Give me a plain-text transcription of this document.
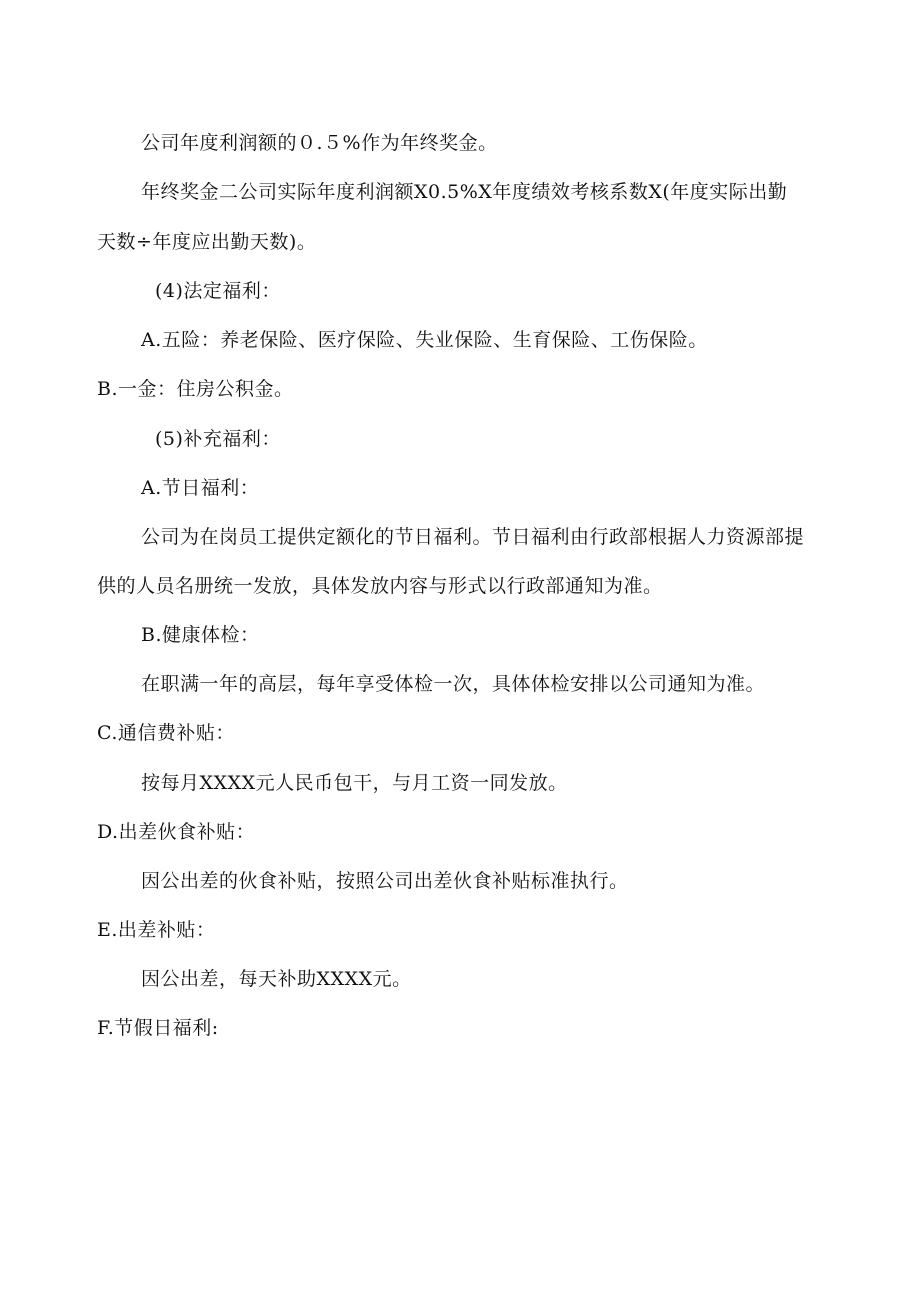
公司年度利润额的０.５%作为年终奖金。
年终奖金二公司实际年度利润额X0.5%X年度绩效考核系数X(年度实际出勤
天数÷年度应出勤天数)。
(4)法定福利：
A.五险：养老保险、医疗保险、失业保险、生育保险、工伤保险。
B.一金：住房公积金。
(5)补充福利：
A.节日福利：
公司为在岗员工提供定额化的节日福利。节日福利由行政部根据人力资源部提
供的人员名册统一发放，具体发放内容与形式以行政部通知为准。
B.健康体检：
在职满一年的高层，每年享受体检一次，具体体检安排以公司通知为准。
C.通信费补贴：
按每月XXXX元人民币包干，与月工资一同发放。
D.出差伙食补贴：
因公出差的伙食补贴，按照公司出差伙食补贴标准执行。
E.出差补贴：
因公出差，每天补助XXXX元。
F.节假日福利:
